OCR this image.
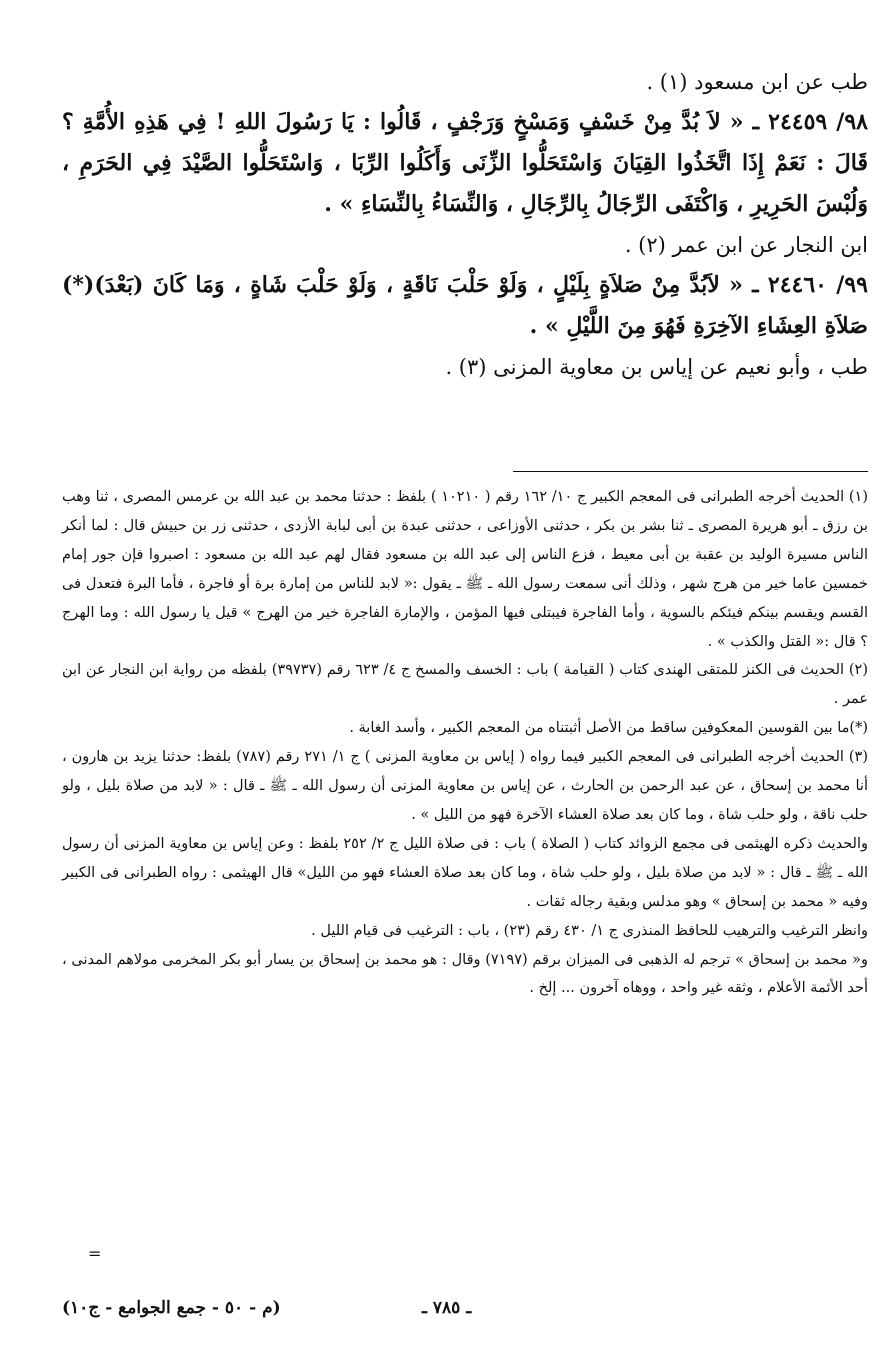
طب عن ابن مسعود (١) .

٩٨/ ٢٤٤٥٩ ـ « لاَ بُدَّ مِنْ خَسْفٍ وَمَسْخٍ وَرَجْفٍ ، قَالُوا : يَا رَسُولَ اللهِ ! فِي هَذِهِ الأُمَّةِ ؟ قَالَ : نَعَمْ إِذَا اتَّخَذُوا القِيَانَ وَاسْتَحَلُّوا الزِّنَى وَأَكَلُوا الرِّبَا ، وَاسْتَحَلُّوا الصَّيْدَ فِي الحَرَمِ ، وَلُبْسَ الحَرِيرِ ، وَاكْتَفَى الرِّجَالُ بِالرِّجَالِ ، وَالنِّسَاءُ بِالنِّسَاءِ » .

ابن النجار عن ابن عمر (٢) .

٩٩/ ٢٤٤٦٠ ـ « لاَبُدَّ مِنْ صَلاَةٍ بِلَيْلٍ ، وَلَوْ حَلْبَ نَاقَةٍ ، وَلَوْ حَلْبَ شَاةٍ ، وَمَا كَانَ (بَعْدَ)(*) صَلاَةِ العِشَاءِ الآخِرَةِ فَهُوَ مِنَ اللَّيْلِ » .

طب ، وأبو نعيم عن إياس بن معاوية المزنى (٣) .

(١) الحديث أخرجه الطبرانى فى المعجم الكبير ج ١٠/ ١٦٢ رقم ( ١٠٢١٠ ) بلفظ : حدثنا محمد بن عبد الله بن عرمس المصرى ، ثنا وهب بن رزق ـ أبو هريرة المصرى ـ ثنا بشر بن بكر ، حدثنى الأوزاعى ، حدثنى عبدة بن أبى لبابة الأزدى ، حدثنى زر بن حبيش قال : لما أنكر الناس مسيرة الوليد بن عقبة بن أبى معيط ، فزع الناس إلى عبد الله بن مسعود فقال لهم عبد الله بن مسعود : اصبروا فإن جور إمام خمسين عاما خير من هرج شهر ، وذلك أنى سمعت رسول الله ـ ﷺ ـ يقول :« لابد للناس من إمارة برة أو فاجرة ، فأما البرة فتعدل فى القسم ويقسم بينكم فيئكم بالسوية ، وأما الفاجرة فيبتلى فيها المؤمن ، والإمارة الفاجرة خير من الهرج » قيل يا رسول الله : وما الهرج ؟ قال :« القتل والكذب » .

(٢) الحديث فى الكنز للمتقى الهندى كتاب ( القيامة ) باب : الخسف والمسخ ج ٤/ ٦٢٣ رقم (٣٩٧٣٧) بلفظه من رواية ابن النجار عن ابن عمر .

(*)ما بين القوسين المعكوفين ساقط من الأصل أثبتناه من المعجم الكبير ، وأسد الغابة .

(٣) الحديث أخرجه الطبرانى فى المعجم الكبير فيما رواه ( إياس بن معاوية المزنى ) ج ١/ ٢٧١ رقم (٧٨٧) بلفظ: حدثنا يزيد بن هارون ، أنا محمد بن إسحاق ، عن عبد الرحمن بن الحارث ، عن إياس بن معاوية المزنى أن رسول الله ـ ﷺ ـ قال : « لابد من صلاة بليل ، ولو حلب ناقة ، ولو حلب شاة ، وما كان بعد صلاة العشاء الآخرة فهو من الليل » .

والحديث ذكره الهيثمى فى مجمع الزوائد كتاب ( الصلاة ) باب : فى صلاة الليل ج ٢/ ٢٥٢ بلفظ : وعن إياس بن معاوية المزنى أن رسول الله ـ ﷺ ـ قال : « لابد من صلاة بليل ، ولو حلب شاة ، وما كان بعد صلاة العشاء فهو من الليل» قال الهيثمى : رواه الطبرانى فى الكبير وفيه « محمد بن إسحاق » وهو مدلس وبقية رجاله ثقات .

وانظر الترغيب والترهيب للحافظ المنذرى ج ١/ ٤٣٠ رقم (٢٣) ، باب : الترغيب فى قيام الليل .

و« محمد بن إسحاق » ترجم له الذهبى فى الميزان برقم (٧١٩٧) وقال : هو محمد بن إسحاق بن يسار أبو بكر المخرمى مولاهم المدنى ، أحد الأئمة الأعلام ، وثقه غير واحد ، ووهاه آخرون ... إلخ .

=
ـ ٧٨٥ ـ
(م - ٥٠ - جمع الجوامع - ج١٠)
